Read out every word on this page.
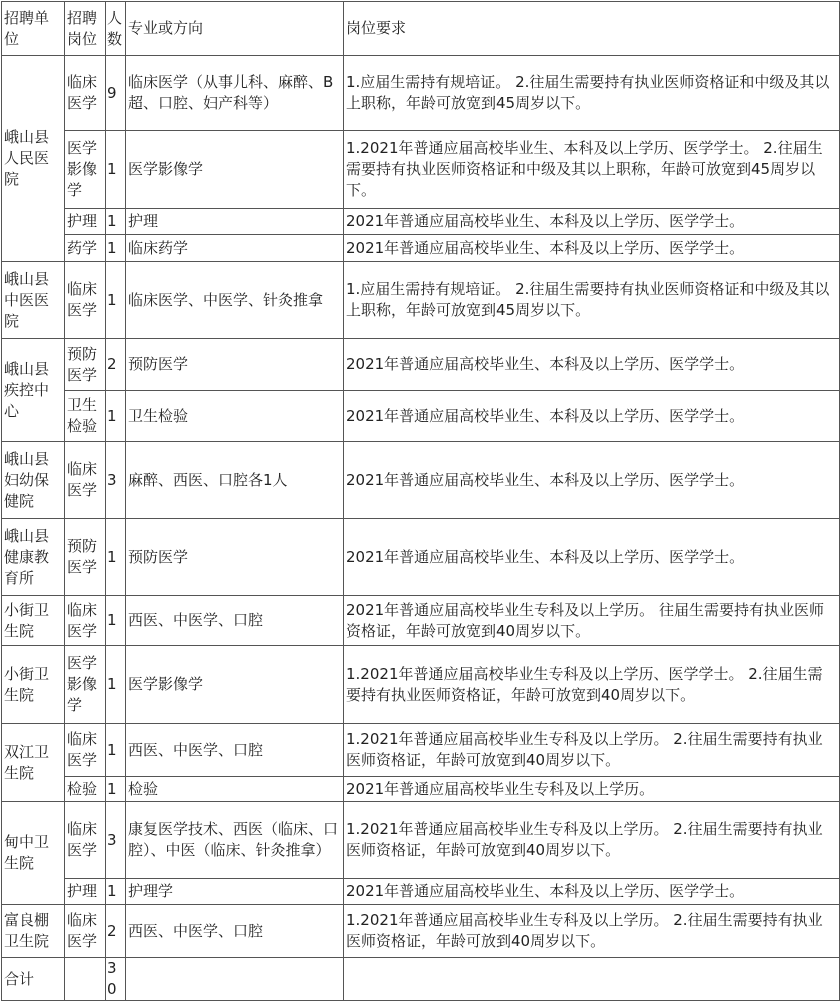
招聘单位	招聘岗位	人数	专业或方向	岗位要求
峨山县人民医院	临床医学	9	临床医学（从事儿科、麻醉、B超、口腔、妇产科等）	1.应届生需持有规培证。 2.往届生需要持有执业医师资格证和中级及其以上职称，年龄可放宽到45周岁以下。
	医学影像学	1	医学影像学	1.2021年普通应届高校毕业生、本科及以上学历、医学学士。 2.往届生需要持有执业医师资格证和中级及其以上职称，年龄可放宽到45周岁以下。
	护理	1	护理	2021年普通应届高校毕业生、本科及以上学历、医学学士。
	药学	1	临床药学	2021年普通应届高校毕业生、本科及以上学历、医学学士。
峨山县中医医院	临床医学	1	临床医学、中医学、针灸推拿	1.应届生需持有规培证。 2.往届生需要持有执业医师资格证和中级及其以上职称，年龄可放宽到45周岁以下。
峨山县疾控中心	预防医学	2	预防医学	2021年普通应届高校毕业生、本科及以上学历、医学学士。
	卫生检验	1	卫生检验	2021年普通应届高校毕业生、本科及以上学历、医学学士。
峨山县妇幼保健院	临床医学	3	麻醉、西医、口腔各1人	2021年普通应届高校毕业生、本科及以上学历、医学学士。
峨山县健康教育所	预防医学	1	预防医学	2021年普通应届高校毕业生、本科及以上学历、医学学士。
小街卫生院	临床医学	1	西医、中医学、口腔	2021年普通应届高校毕业生专科及以上学历。 往届生需要持有执业医师资格证，年龄可放宽到40周岁以下。
小街卫生院	医学影像学	1	医学影像学	1.2021年普通应届高校毕业生专科及以上学历、医学学士。 2.往届生需要持有执业医师资格证，年龄可放宽到40周岁以下。
双江卫生院	临床医学	1	西医、中医学、口腔	1.2021年普通应届高校毕业生专科及以上学历。 2.往届生需要持有执业医师资格证，年龄可放宽到40周岁以下。
	检验	1	检验	2021年普通应届高校毕业生专科及以上学历。
甸中卫生院	临床医学	3	康复医学技术、西医（临床、口腔）、中医（临床、针灸推拿）	1.2021年普通应届高校毕业生专科及以上学历。 2.往届生需要持有执业医师资格证，年龄可放宽到40周岁以下。
	护理	1	护理学	2021年普通应届高校毕业生、本科及以上学历、医学学士。
富良棚卫生院	临床医学	2	西医、中医学、口腔	1.2021年普通应届高校毕业生专科及以上学历。 2.往届生需要持有执业医师资格证，年龄可放到40周岁以下。
合计		30		
